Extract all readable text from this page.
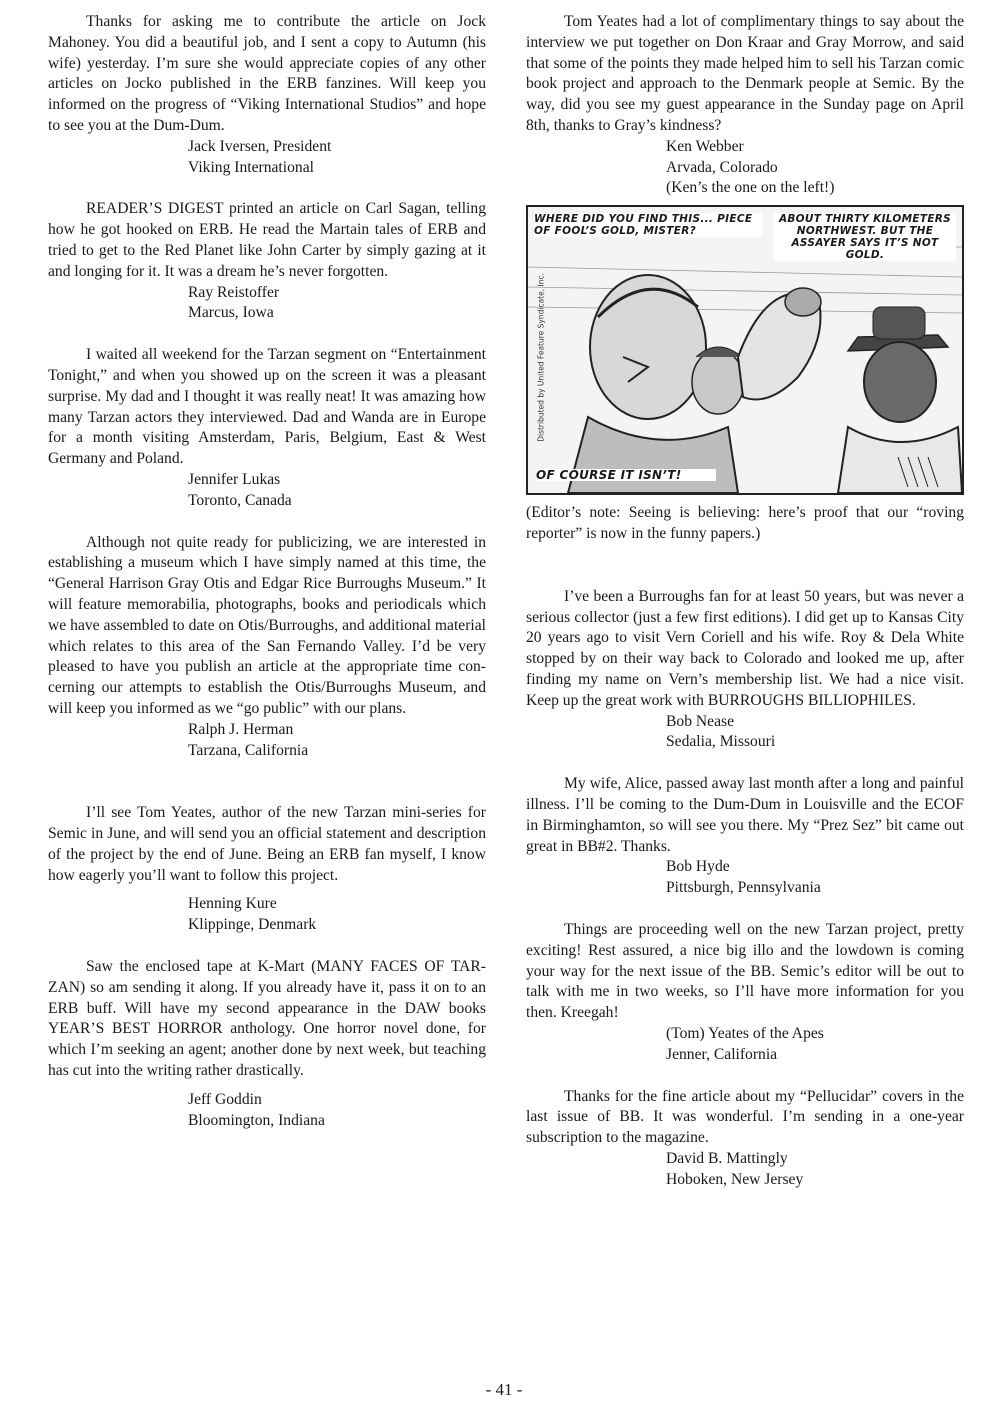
Thanks for asking me to contribute the article on Jock Mahoney. You did a beautiful job, and I sent a copy to Autumn (his wife) yesterday. I’m sure she would appreciate copies of any other articles on Jocko published in the ERB fanzines. Will keep you informed on the progress of “Viking International Studios” and hope to see you at the Dum-Dum.

Jack Iversen, President
Viking International

READER’S DIGEST printed an article on Carl Sagan, telling how he got hooked on ERB. He read the Martain tales of ERB and tried to get to the Red Planet like John Carter by simply gazing at it and longing for it. It was a dream he’s never forgotten.

Ray Reistoffer
Marcus, Iowa

I waited all weekend for the Tarzan segment on “Entertainment Tonight,” and when you showed up on the screen it was a pleasant surprise. My dad and I thought it was really neat! It was amazing how many Tarzan actors they interviewed. Dad and Wanda are in Europe for a month visiting Amsterdam, Paris, Belgium, East & West Germany and Poland.

Jennifer Lukas
Toronto, Canada

Although not quite ready for publicizing, we are interested in establishing a museum which I have simply named at this time, the “General Harrison Gray Otis and Edgar Rice Burroughs Museum.” It will feature memorabilia, photographs, books and periodicals which we have assembled to date on Otis/Burroughs, and additional material which relates to this area of the San Fernando Valley. I’d be very pleased to have you publish an article at the appropriate time concerning our attempts to establish the Otis/Burroughs Museum, and will keep you informed as we “go public” with our plans.

Ralph J. Herman
Tarzana, California

I’ll see Tom Yeates, author of the new Tarzan mini-series for Semic in June, and will send you an official statement and description of the project by the end of June. Being an ERB fan myself, I know how eagerly you’ll want to follow this project.

Henning Kure
Klippinge, Denmark

Saw the enclosed tape at K-Mart (MANY FACES OF TARZAN) so am sending it along. If you already have it, pass it on to an ERB buff. Will have my second appearance in the DAW books YEAR’S BEST HORROR anthology. One horror novel done, for which I’m seeking an agent; another done by next week, but teaching has cut into the writing rather drastically.

Jeff Goddin
Bloomington, Indiana

Tom Yeates had a lot of complimentary things to say about the interview we put together on Don Kraar and Gray Morrow, and said that some of the points they made helped him to sell his Tarzan comic book project and approach to the Denmark people at Semic. By the way, did you see my guest appearance in the Sunday page on April 8th, thanks to Gray’s kindness?

Ken Webber
Arvada, Colorado
(Ken’s the one on the left!)
WHERE DID YOU FIND THIS... PIECE OF FOOL’S GOLD, MISTER?
ABOUT THIRTY KILOMETERS NORTHWEST. BUT THE ASSAYER SAYS IT’S NOT GOLD.
OF COURSE IT ISN’T!
Distributed by United Feature Syndicate, Inc.

(Editor’s note: Seeing is believing: here’s proof that our “roving reporter” is now in the funny papers.)

I’ve been a Burroughs fan for at least 50 years, but was never a serious collector (just a few first editions). I did get up to Kansas City 20 years ago to visit Vern Coriell and his wife. Roy & Dela White stopped by on their way back to Colorado and looked me up, after finding my name on Vern’s membership list. We had a nice visit. Keep up the great work with BURROUGHS BILLIOPHILES.

Bob Nease
Sedalia, Missouri

My wife, Alice, passed away last month after a long and painful illness. I’ll be coming to the Dum-Dum in Louisville and the ECOF in Birminghamton, so will see you there. My “Prez Sez” bit came out great in BB#2. Thanks.

Bob Hyde
Pittsburgh, Pennsylvania

Things are proceeding well on the new Tarzan project, pretty exciting! Rest assured, a nice big illo and the lowdown is coming your way for the next issue of the BB. Semic’s editor will be out to talk with me in two weeks, so I’ll have more information for you then. Kreegah!

(Tom) Yeates of the Apes
Jenner, California

Thanks for the fine article about my “Pellucidar” covers in the last issue of BB. It was wonderful. I’m sending in a one-year subscription to the magazine.

David B. Mattingly
Hoboken, New Jersey
- 41 -
